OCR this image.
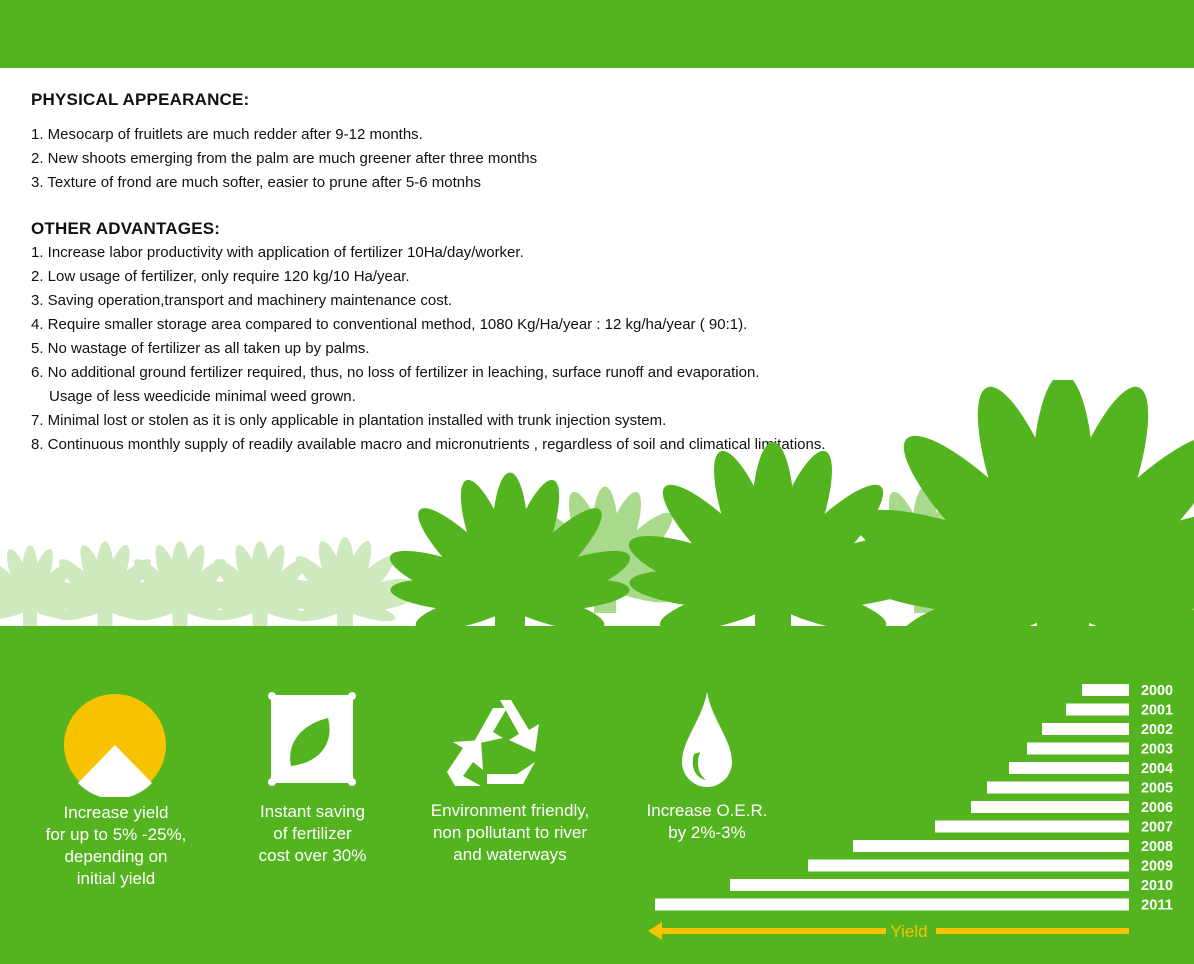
PHYSICAL APPEARANCE:
1. Mesocarp of fruitlets are much redder after 9-12 months.
2. New shoots emerging from the palm are much greener after three months
3. Texture of frond are much softer, easier to prune after 5-6 motnhs
OTHER ADVANTAGES:
1. Increase labor productivity with application of fertilizer 10Ha/day/worker.
2. Low usage of fertilizer, only require 120 kg/10 Ha/year.
3. Saving operation,transport and machinery maintenance cost.
4. Require smaller storage area compared to conventional method, 1080 Kg/Ha/year : 12 kg/ha/year ( 90:1).
5. No wastage of fertilizer as all taken up by palms.
6. No additional ground fertilizer required, thus, no loss of fertilizer in leaching, surface runoff and evaporation.
Usage of less weedicide minimal weed grown.
7. Minimal lost or stolen as it is only applicable in plantation installed with trunk injection system.
8. Continuous monthly supply of readily available macro and micronutrients , regardless of soil and climatical limitations.
Increase yield
for up to 5% -25%,
depending on
initial yield
Instant saving
of fertilizer
cost over 30%
Environment friendly,
non pollutant to river
and waterways
Increase O.E.R.
by 2%-3%
2000
2001
2002
2003
2004
2005
2006
2007
2008
2009
2010
2011
Yield
